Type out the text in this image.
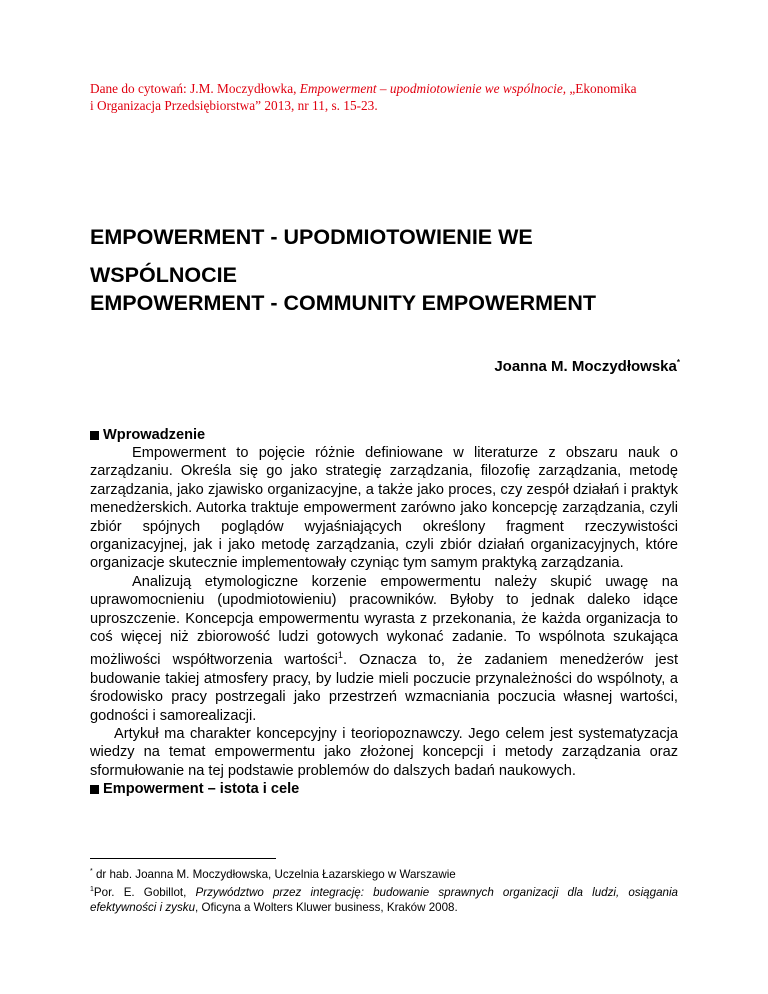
Dane do cytowań: J.M. Moczydłowka, Empowerment – upodmiotowienie we wspólnocie, „Ekonomika
i Organizacja Przedsiębiorstwa” 2013, nr 11, s. 15-23.
EMPOWERMENT - UPODMIOTOWIENIE WE
WSPÓLNOCIE
EMPOWERMENT - COMMUNITY EMPOWERMENT
Joanna M. Moczydłowska*
Wprowadzenie

Empowerment to pojęcie różnie definiowane w literaturze z obszaru nauk o zarządzaniu. Określa się go jako strategię zarządzania, filozofię zarządzania, metodę zarządzania, jako zjawisko organizacyjne, a także jako proces, czy zespół działań i praktyk menedżerskich. Autorka traktuje empowerment zarówno jako koncepcję zarządzania, czyli zbiór spójnych poglądów wyjaśniających określony fragment rzeczywistości organizacyjnej, jak i jako metodę zarządzania, czyli zbiór działań organizacyjnych, które organizacje skutecznie implementowały czyniąc tym samym praktyką zarządzania.

Analizują etymologiczne korzenie empowermentu należy skupić uwagę na uprawomocnieniu (upodmiotowieniu) pracowników. Byłoby to jednak daleko idące uproszczenie. Koncepcja empowermentu wyrasta z przekonania, że każda organizacja to coś więcej niż zbiorowość ludzi gotowych wykonać zadanie. To wspólnota szukająca możliwości współtworzenia wartości$^1$. Oznacza to, że zadaniem menedżerów jest budowanie takiej atmosfery pracy, by ludzie mieli poczucie przynależności do wspólnoty, a środowisko pracy postrzegali jako przestrzeń wzmacniania poczucia własnej wartości, godności i samorealizacji.

Artykuł ma charakter koncepcyjny i teoriopoznawczy. Jego celem jest systematyzacja wiedzy na temat empowermentu jako złożonej koncepcji i metody zarządzania oraz sformułowanie na tej podstawie problemów do dalszych badań naukowych.

Empowerment – istota i cele

* dr hab. Joanna M. Moczydłowska, Uczelnia Łazarskiego w Warszawie

$^1$Por. E. Gobillot, Przywództwo przez integrację: budowanie sprawnych organizacji dla ludzi, osiągania efektywności i zysku, Oficyna a Wolters Kluwer business, Kraków 2008.
